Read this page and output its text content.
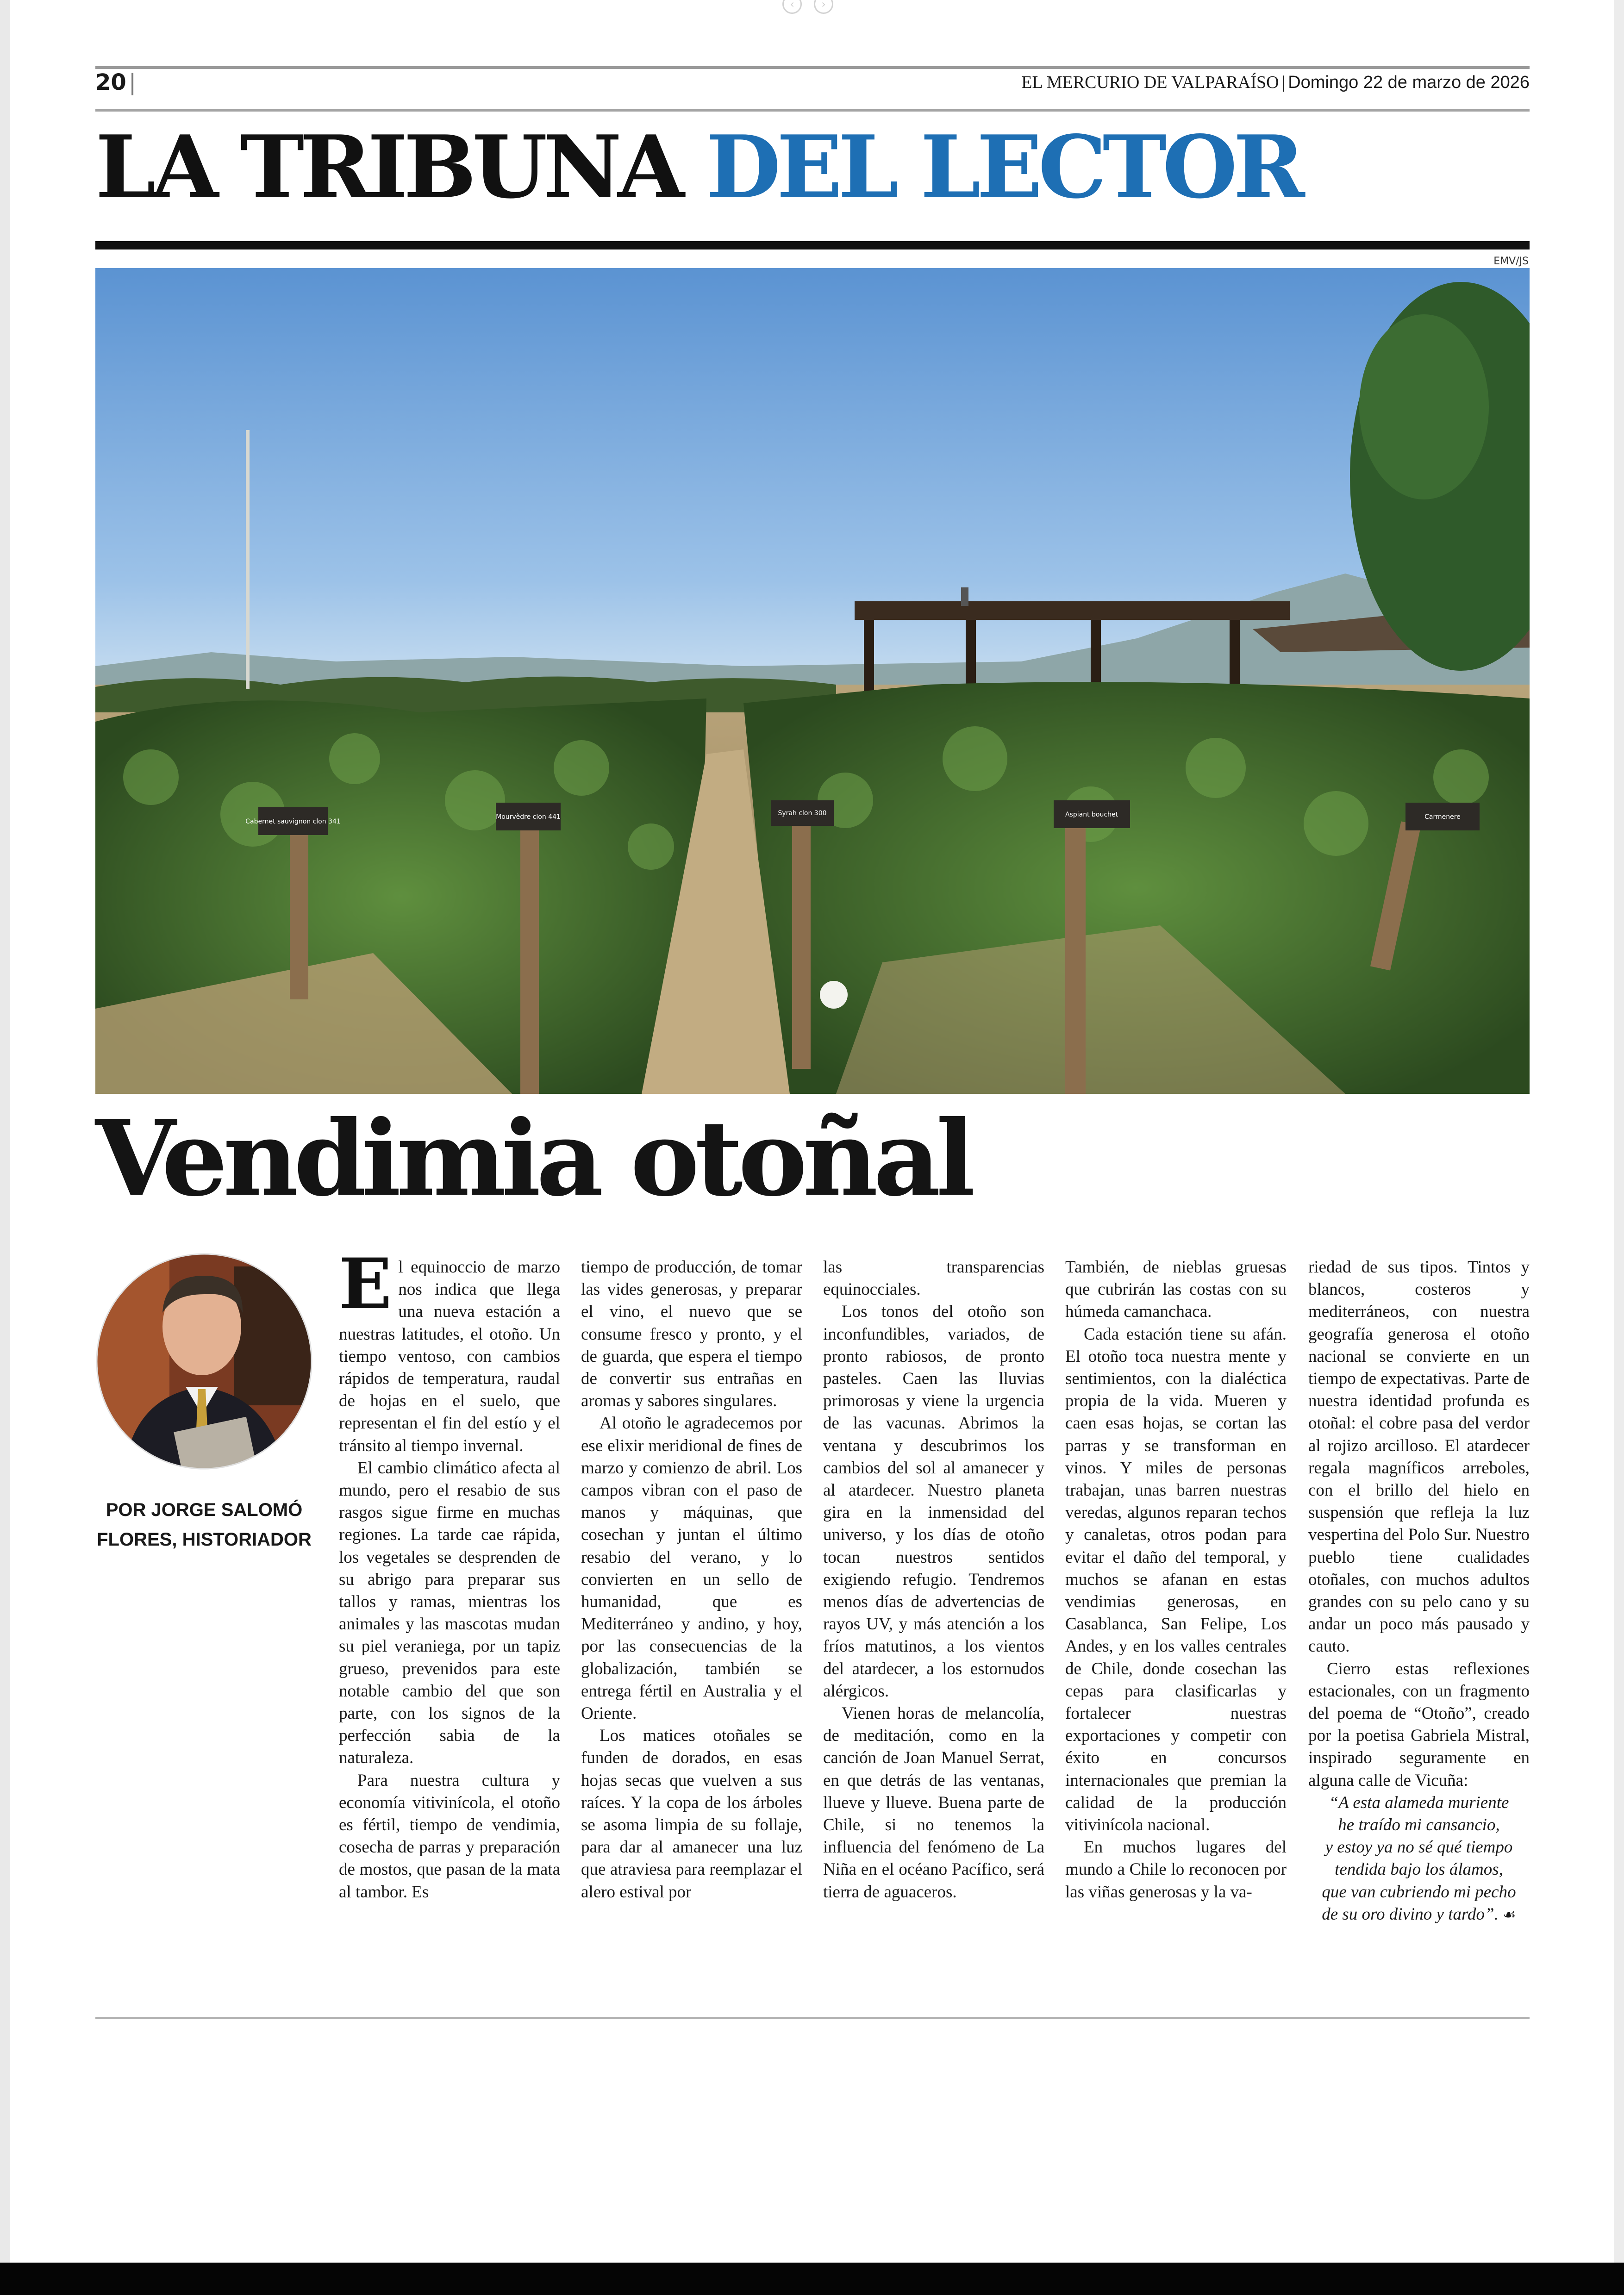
‹	›
20 |	EL MERCURIO DE VALPARAÍSO | Domingo 22 de marzo de 2026
LA TRIBUNA DEL LECTOR
EMV/JS
Cabernet sauvignon clon 341
Mourvèdre clon 441	Syrah clon 300	Aspiant bouchet	Carmenere
Vendimia otoñal
POR JORGE SALOMÓ
FLORES, HISTORIADOR

El equinoccio de marzo nos indica que llega una nueva estación a nuestras latitudes, el otoño. Un tiempo ventoso, con cambios rápidos de temperatura, raudal de hojas en el suelo, que representan el fin del estío y el tránsito al tiempo invernal.

El cambio climático afecta al mundo, pero el resabio de sus rasgos sigue firme en muchas regiones. La tarde cae rápida, los vegetales se desprenden de su abrigo para preparar sus tallos y ramas, mientras los animales y las mascotas mudan su piel veraniega, por un tapiz grueso, prevenidos para este notable cambio del que son parte, con los signos de la perfección sabia de la naturaleza.

Para nuestra cultura y economía vitivinícola, el otoño es fértil, tiempo de vendimia, cosecha de parras y preparación de mostos, que pasan de la mata al tambor. Es

tiempo de producción, de tomar las vides generosas, y preparar el vino, el nuevo que se consume fresco y pronto, y el de guarda, que espera el tiempo de convertir sus entrañas en aromas y sabores singulares.

Al otoño le agradecemos por ese elixir meridional de fines de marzo y comienzo de abril. Los campos vibran con el paso de manos y máquinas, que cosechan y juntan el último resabio del verano, y lo convierten en un sello de humanidad, que es Mediterráneo y andino, y hoy, por las consecuencias de la globalización, también se entrega fértil en Australia y el Oriente.

Los matices otoñales se funden de dorados, en esas hojas secas que vuelven a sus raíces. Y la copa de los árboles se asoma limpia de su follaje, para dar al amanecer una luz que atraviesa para reemplazar el alero estival por

las transparencias equinocciales.

Los tonos del otoño son inconfundibles, variados, de pronto rabiosos, de pronto pasteles. Caen las lluvias primorosas y viene la urgencia de las vacunas. Abrimos la ventana y descubrimos los cambios del sol al amanecer y al atardecer. Nuestro planeta gira en la inmensidad del universo, y los días de otoño tocan nuestros sentidos exigiendo refugio. Tendremos menos días de advertencias de rayos UV, y más atención a los fríos matutinos, a los vientos del atardecer, a los estornudos alérgicos.

Vienen horas de melancolía, de meditación, como en la canción de Joan Manuel Serrat, en que detrás de las ventanas, llueve y llueve. Buena parte de Chile, si no tenemos la influencia del fenómeno de La Niña en el océano Pacífico, será tierra de aguaceros.

También, de nieblas gruesas que cubrirán las costas con su húmeda camanchaca.

Cada estación tiene su afán. El otoño toca nuestra mente y sentimientos, con la dialéctica propia de la vida. Mueren y caen esas hojas, se cortan las parras y se transforman en vinos. Y miles de personas trabajan, unas barren nuestras veredas, algunos reparan techos y canaletas, otros podan para evitar el daño del temporal, y muchos se afanan en estas vendimias generosas, en Casablanca, San Felipe, Los Andes, y en los valles centrales de Chile, donde cosechan las cepas para clasificarlas y fortalecer nuestras exportaciones y competir con éxito en concursos internacionales que premian la calidad de la producción vitivinícola nacional.

En muchos lugares del mundo a Chile lo reconocen por las viñas generosas y la va-

riedad de sus tipos. Tintos y blancos, costeros y mediterráneos, con nuestra geografía generosa el otoño nacional se convierte en un tiempo de expectativas. Parte de nuestra identidad profunda es otoñal: el cobre pasa del verdor al rojizo arcilloso. El atardecer regala magníficos arreboles, con el brillo del hielo en suspensión que refleja la luz vespertina del Polo Sur. Nuestro pueblo tiene cualidades otoñales, con muchos adultos grandes con su pelo cano y su andar un poco más pausado y cauto.

Cierro estas reflexiones estacionales, con un fragmento del poema de “Otoño”, creado por la poetisa Gabriela Mistral, inspirado seguramente en alguna calle de Vicuña:

“A esta alameda muriente

he traído mi cansancio,

y estoy ya no sé qué tiempo

tendida bajo los álamos,

que van cubriendo mi pecho

de su oro divino y tardo”. ☙
